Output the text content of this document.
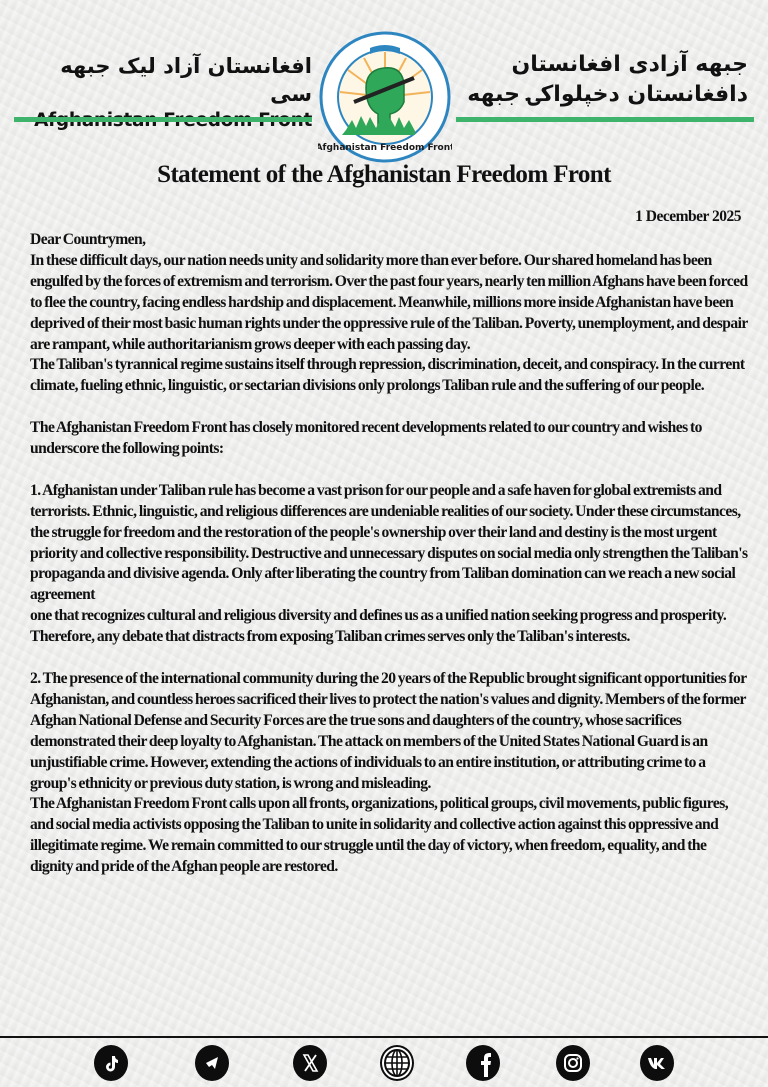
افغانستان آزاد لیک جبهه سی
Afghanistan Freedom Front
جبهه آزادی افغانستان
دافغانستان دخپلواکۍ جبهه
Statement of the Afghanistan Freedom Front
1 December 2025

Dear Countrymen,

In these difficult days, our nation needs unity and solidarity more than ever before. Our shared homeland has been engulfed by the forces of extremism and terrorism. Over the past four years, nearly ten million Afghans have been forced to flee the country, facing endless hardship and displacement. Meanwhile, millions more inside Afghanistan have been deprived of their most basic human rights under the oppressive rule of the Taliban. Poverty, unemployment, and despair are rampant, while authoritarianism grows deeper with each passing day.

The Taliban's tyrannical regime sustains itself through repression, discrimination, deceit, and conspiracy. In the current climate, fueling ethnic, linguistic, or sectarian divisions only prolongs Taliban rule and the suffering of our people.

The Afghanistan Freedom Front has closely monitored recent developments related to our country and wishes to underscore the following points:

1. Afghanistan under Taliban rule has become a vast prison for our people and a safe haven for global extremists and terrorists. Ethnic, linguistic, and religious differences are undeniable realities of our society. Under these circumstances, the struggle for freedom and the restoration of the people's ownership over their land and destiny is the most urgent priority and collective responsibility. Destructive and unnecessary disputes on social media only strengthen the Taliban's propaganda and divisive agenda. Only after liberating the country from Taliban domination can we reach a new social agreement

one that recognizes cultural and religious diversity and defines us as a unified nation seeking progress and prosperity. Therefore, any debate that distracts from exposing Taliban crimes serves only the Taliban's interests.

2. The presence of the international community during the 20 years of the Republic brought significant opportunities for Afghanistan, and countless heroes sacrificed their lives to protect the nation's values and dignity. Members of the former Afghan National Defense and Security Forces are the true sons and daughters of the country, whose sacrifices demonstrated their deep loyalty to Afghanistan. The attack on members of the United States National Guard is an unjustifiable crime. However, extending the actions of individuals to an entire institution, or attributing crime to a group's ethnicity or previous duty station, is wrong and misleading.

The Afghanistan Freedom Front calls upon all fronts, organizations, political groups, civil movements, public figures, and social media activists opposing the Taliban to unite in solidarity and collective action against this oppressive and illegitimate regime. We remain committed to our struggle until the day of victory, when freedom, equality, and the dignity and pride of the Afghan people are restored.
